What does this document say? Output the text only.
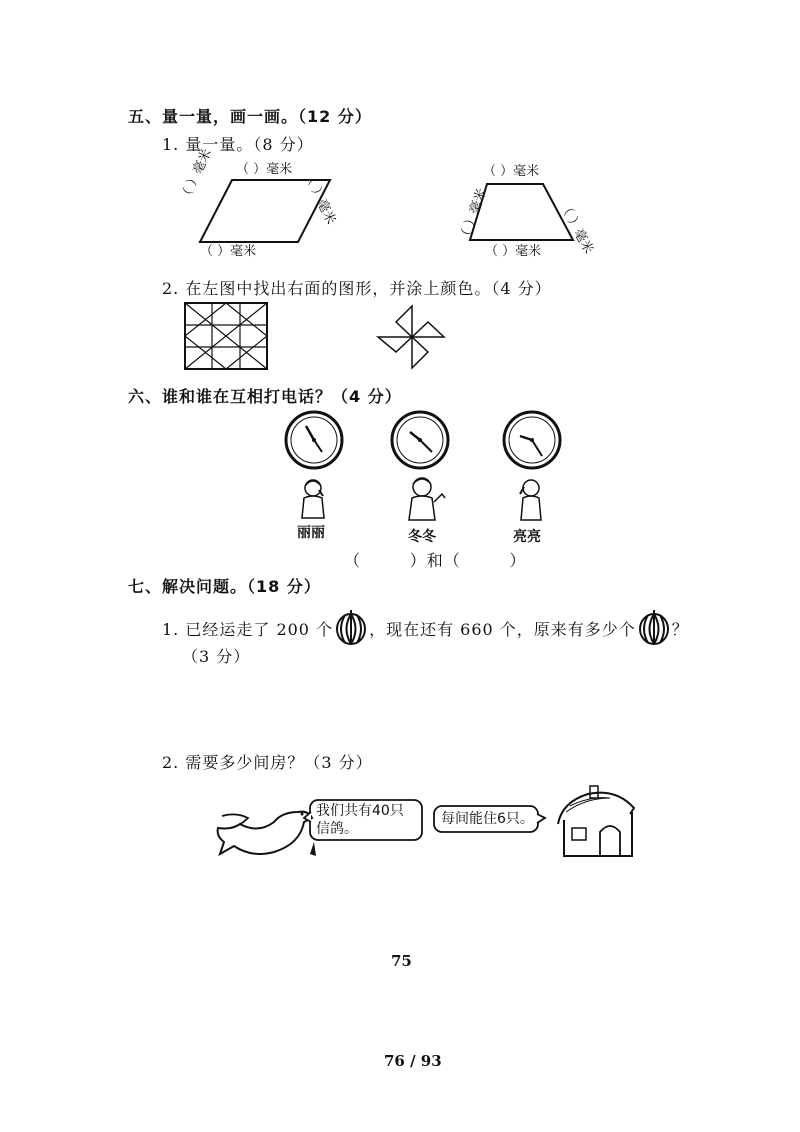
五、量一量，画一画。（12 分）
1. 量一量。（8 分）
（ ）毫米
（ ）毫米	（ ）毫米
（ ）毫米
（ ）毫米
（ ）毫米	（ ）毫米
（ ）毫米
2. 在左图中找出右面的图形，并涂上颜色。（4 分）
六、谁和谁在互相打电话？（4 分）
丽丽	冬冬	亮亮
（        ）和（        ）
七、解决问题。（18 分）
1. 已经运走了 200 个 ，现在还有 660 个，原来有多少个 ？
（3 分）
2. 需要多少间房？（3 分）
我们共有40只
信鸽。
每间能住6只。
75
76 / 93
